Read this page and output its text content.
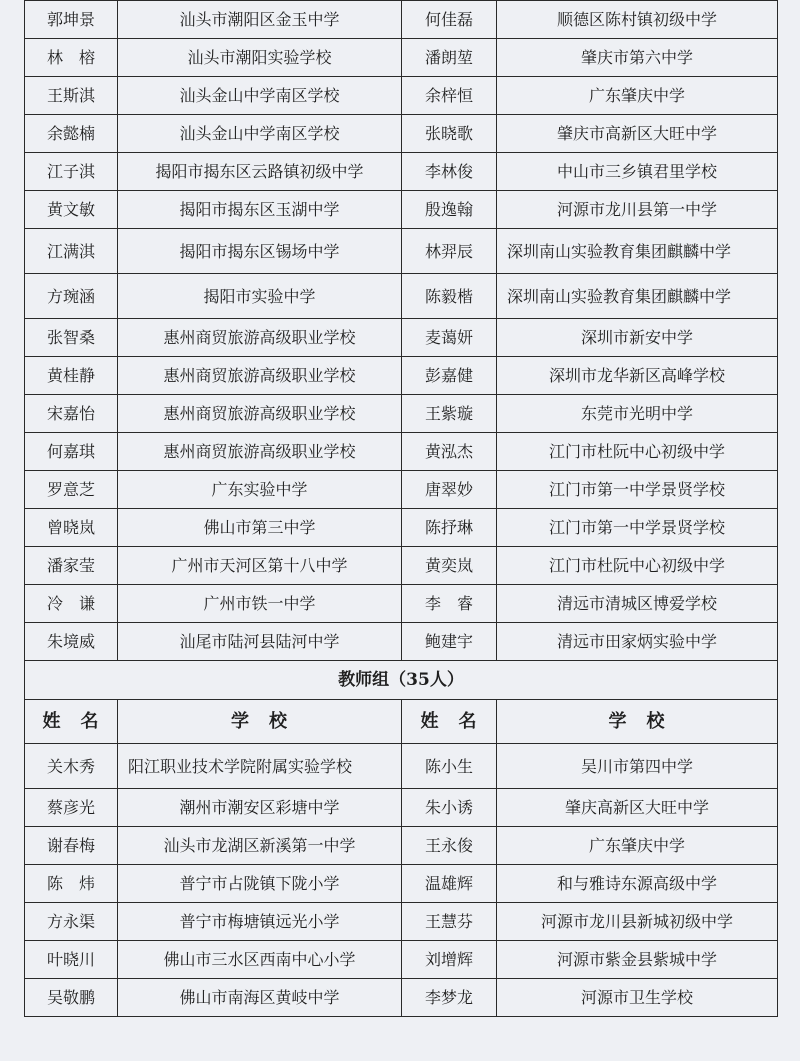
郭坤景	汕头市潮阳区金玉中学	何佳磊	顺德区陈村镇初级中学
林　榕	汕头市潮阳实验学校	潘朗堃	肇庆市第六中学
王斯淇	汕头金山中学南区学校	余梓恒	广东肇庆中学
余懿楠	汕头金山中学南区学校	张晓歌	肇庆市高新区大旺中学
江子淇	揭阳市揭东区云路镇初级中学	李林俊	中山市三乡镇君里学校
黄文敏	揭阳市揭东区玉湖中学	殷逸翰	河源市龙川县第一中学
江满淇	揭阳市揭东区锡场中学	林羿辰	深圳南山实验教育集团麒麟中学
方琬涵	揭阳市实验中学	陈毅楷	深圳南山实验教育集团麒麟中学
张智桑	惠州商贸旅游高级职业学校	麦蔼妍	深圳市新安中学
黄桂静	惠州商贸旅游高级职业学校	彭嘉健	深圳市龙华新区高峰学校
宋嘉怡	惠州商贸旅游高级职业学校	王紫璇	东莞市光明中学
何嘉琪	惠州商贸旅游高级职业学校	黄泓杰	江门市杜阮中心初级中学
罗意芝	广东实验中学	唐翠妙	江门市第一中学景贤学校
曾晓岚	佛山市第三中学	陈抒琳	江门市第一中学景贤学校
潘家莹	广州市天河区第十八中学	黄奕岚	江门市杜阮中心初级中学
冷　谦	广州市铁一中学	李　睿	清远市清城区博爱学校
朱境威	汕尾市陆河县陆河中学	鲍建宇	清远市田家炳实验中学
教师组（35人）			
姓　名	学　校	姓　名	学　校
关木秀	阳江职业技术学院附属实验学校	陈小生	吴川市第四中学
蔡彦光	潮州市潮安区彩塘中学	朱小诱	肇庆高新区大旺中学
谢春梅	汕头市龙湖区新溪第一中学	王永俊	广东肇庆中学
陈　炜	普宁市占陇镇下陇小学	温雄辉	和与雅诗东源高级中学
方永渠	普宁市梅塘镇远光小学	王慧芬	河源市龙川县新城初级中学
叶晓川	佛山市三水区西南中心小学	刘增辉	河源市紫金县紫城中学
吴敬鹏	佛山市南海区黄岐中学	李梦龙	河源市卫生学校
